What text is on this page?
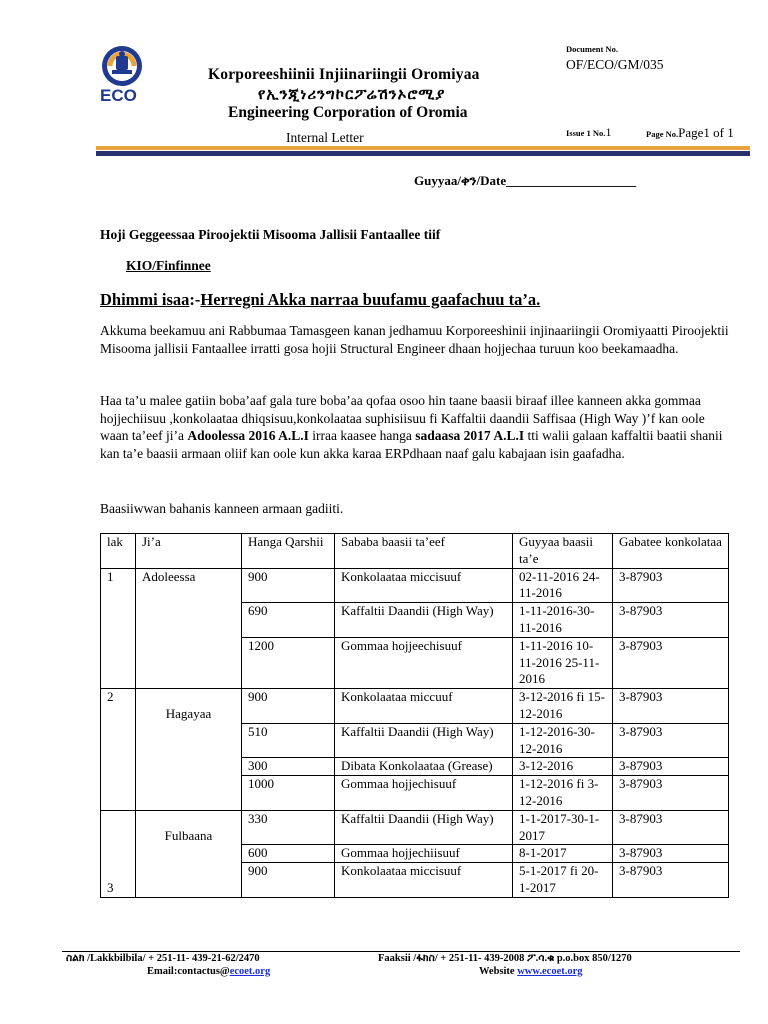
ECO
Korporeeshiinii Injiinariingii Oromiyaa
የኢንጂነሪንግኮርፖሬሽንኦሮሚያ
Engineering Corporation of Oromia
Internal Letter
Document No.
OF/ECO/GM/035
Issue 1 No.1	Page No.Page1 of 1
Guyyaa/ቀን/Date____________________
Hoji Geggeessaa Piroojektii Misooma Jallisii Fantaallee tiif
KIO/Finfinnee
Dhimmi isaa:-Herregni Akka narraa buufamu gaafachuu ta’a.
Akkuma beekamuu ani Rabbumaa Tamasgeen kanan jedhamuu Korporeeshinii injinaariingii Oromiyaatti Piroojektii Misooma jallisii Fantaallee irratti gosa hojii Structural Engineer dhaan hojjechaa turuun koo beekamaadha.
Haa ta’u malee gatiin boba’aaf gala ture boba’aa qofaa osoo hin taane baasii biraaf illee kanneen akka gommaa hojjechiisuu ,konkolaataa dhiqsisuu,konkolaataa suphisiisuu fi Kaffaltii daandii Saffisaa (High Way )’f kan oole waan ta’eef ji’a Adoolessa 2016 A.L.I irraa kaasee hanga sadaasa 2017 A.L.I tti walii galaan kaffaltii baatii shanii kan ta’e baasii armaan oliif kan oole kun akka karaa ERPdhaan naaf galu kabajaan isin gaafadha.
Baasiiwwan bahanis kanneen armaan gadiiti.
lak	Ji’a	Hanga Qarshii	Sababa baasii ta’eef	Guyyaa baasii ta’e	Gabatee konkolataa
1	Adoleessa	900	Konkolaataa miccisuuf	02-11-2016 24-11-2016	3-87903
		690	Kaffaltii Daandii (High Way)	1-11-2016-30-11-2016	3-87903
		1200	Gommaa hojjeechisuuf	1-11-2016 10-11-2016 25-11-2016	3-87903
2	Hagayaa	900	Konkolaataa miccuuf	3-12-2016 fi 15-12-2016	3-87903
		510	Kaffaltii Daandii (High Way)	1-12-2016-30-12-2016	3-87903
		300	Dibata Konkolaataa (Grease)	3-12-2016	3-87903
		1000	Gommaa hojjechisuuf	1-12-2016 fi 3-12-2016	3-87903
3	Fulbaana	330	Kaffaltii Daandii (High Way)	1-1-2017-30-1-2017	3-87903
		600	Gommaa hojjechiisuuf	8-1-2017	3-87903
		900	Konkolaataa miccisuuf	5-1-2017 fi 20-1-2017	3-87903
ስልክ /Lakkbilbila/ + 251-11- 439-21-62/2470
Email:contactus@ecoet.org
Faaksii /ፋክስ/ + 251-11- 439-2008 ፖ.ሳ.ቁ p.o.box 850/1270
Website www.ecoet.org
